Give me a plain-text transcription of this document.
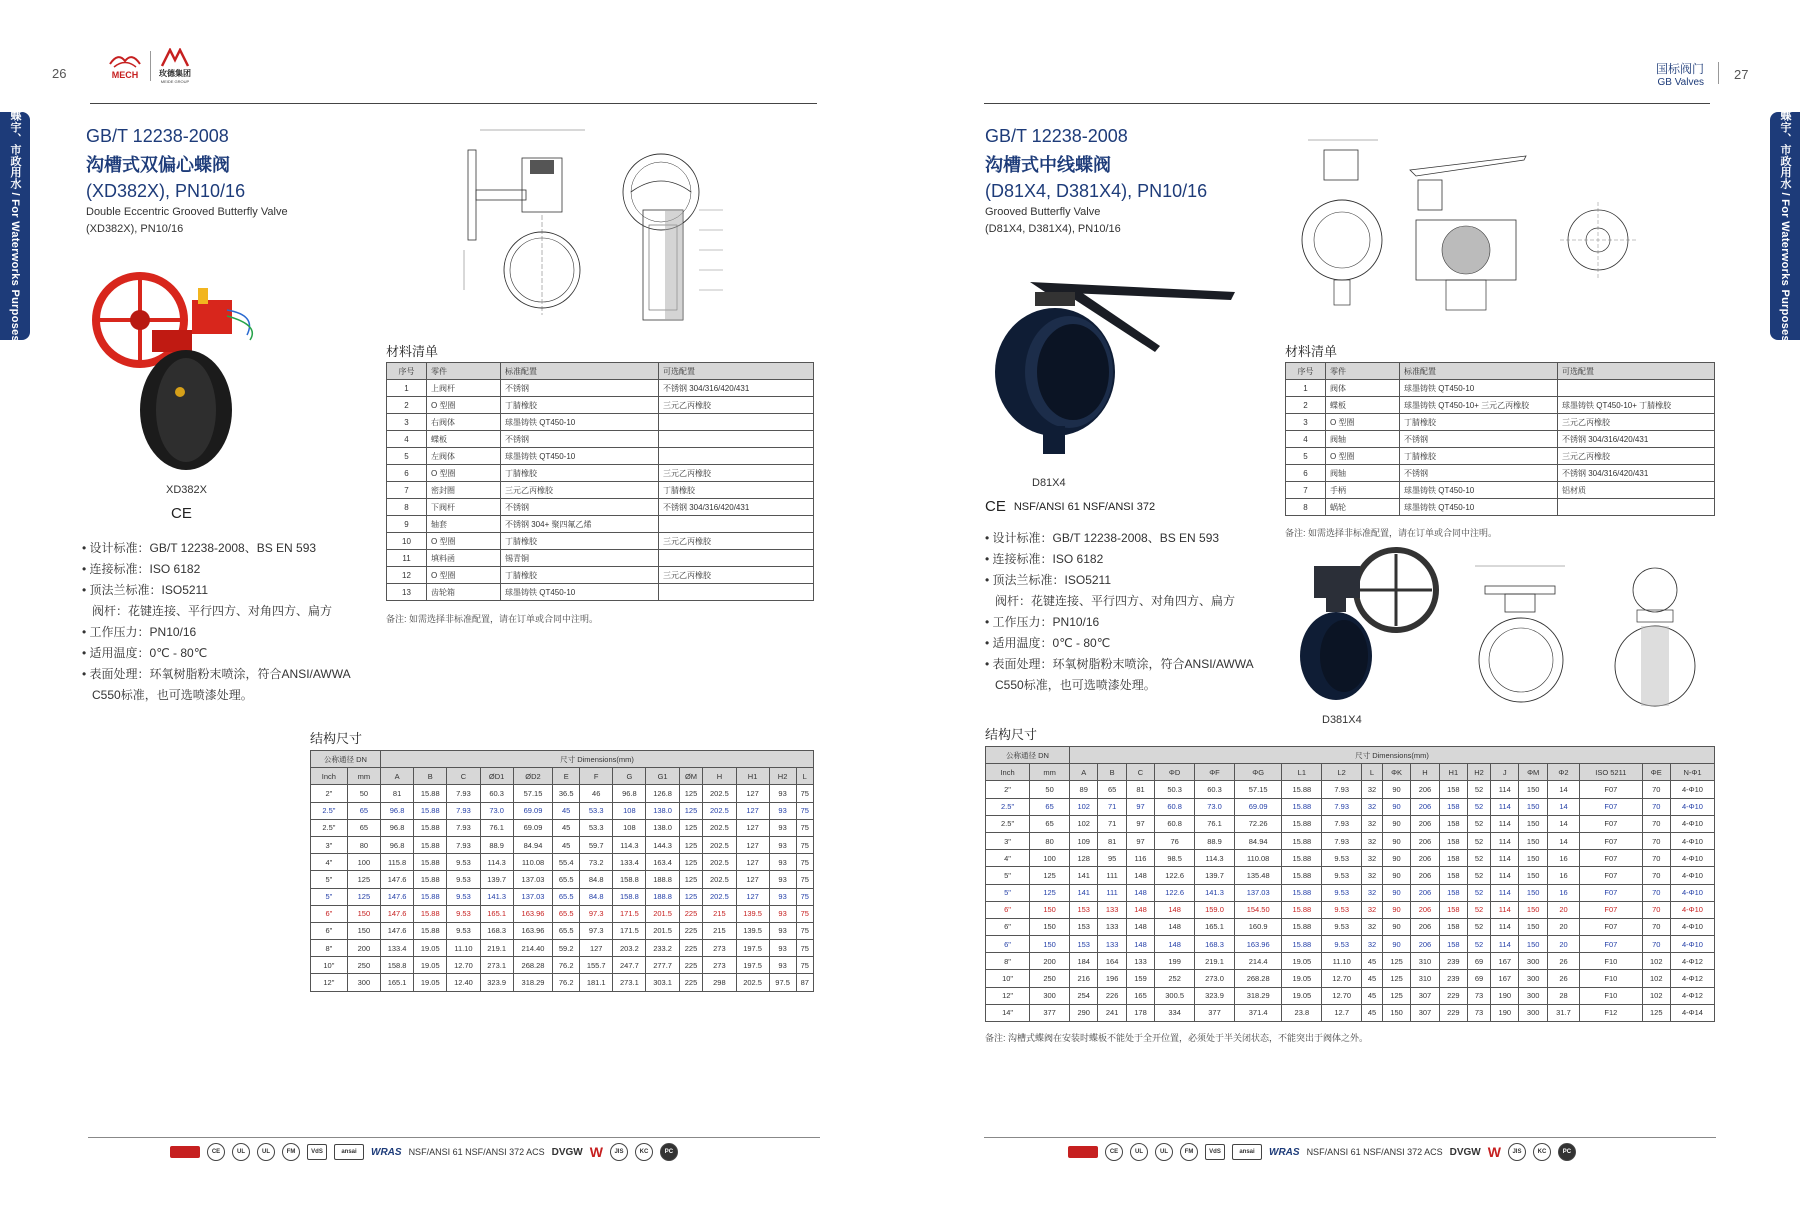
26	MECH	玫德集团
MEIDE GROUP
蝶宇、市政用水 / For Waterworks Purposes	GB/T 12238-2008
沟槽式双偏心蝶阀
(XD382X), PN10/16
Double Eccentric Grooved Butterfly Valve
(XD382X), PN10/16
XD382X
CE
• 设计标准：GB/T 12238-2008、BS EN 593
• 连接标准：ISO 6182
• 顶法兰标准：ISO5211
阀杆：花键连接、平行四方、对角四方、扁方
• 工作压力：PN10/16
• 适用温度：0℃ - 80℃
• 表面处理：环氧树脂粉末喷涂，符合ANSI/AWWA
C550标准，也可选喷漆处理。
材料清单
序号	零件	标准配置	可选配置
1	上阀杆	不锈钢	不锈钢 304/316/420/431
2	O 型圈	丁腈橡胶	三元乙丙橡胶
3	右阀体	球墨铸铁 QT450-10	
4	蝶板	不锈钢	
5	左阀体	球墨铸铁 QT450-10	
6	O 型圈	丁腈橡胶	三元乙丙橡胶
7	密封圈	三元乙丙橡胶	丁腈橡胶
8	下阀杆	不锈钢	不锈钢 304/316/420/431
9	轴套	不锈钢 304+ 聚四氟乙烯	
10	O 型圈	丁腈橡胶	三元乙丙橡胶
11	填料函	锡青铜	
12	O 型圈	丁腈橡胶	三元乙丙橡胶
13	齿轮箱	球墨铸铁 QT450-10	
备注: 如需选择非标准配置，请在订单或合同中注明。
结构尺寸
公称通径 DN		尺寸 Dimensions(mm)													
Inch	mm	A	B	C	ØD1	ØD2	E	F	G	G1	ØM	H	H1	H2	L
2"	50	81	15.88	7.93	60.3	57.15	36.5	46	96.8	126.8	125	202.5	127	93	75
2.5"	65	96.8	15.88	7.93	73.0	69.09	45	53.3	108	138.0	125	202.5	127	93	75
2.5"	65	96.8	15.88	7.93	76.1	69.09	45	53.3	108	138.0	125	202.5	127	93	75
3"	80	96.8	15.88	7.93	88.9	84.94	45	59.7	114.3	144.3	125	202.5	127	93	75
4"	100	115.8	15.88	9.53	114.3	110.08	55.4	73.2	133.4	163.4	125	202.5	127	93	75
5"	125	147.6	15.88	9.53	139.7	137.03	65.5	84.8	158.8	188.8	125	202.5	127	93	75
5"	125	147.6	15.88	9.53	141.3	137.03	65.5	84.8	158.8	188.8	125	202.5	127	93	75
6"	150	147.6	15.88	9.53	165.1	163.96	65.5	97.3	171.5	201.5	225	215	139.5	93	75
6"	150	147.6	15.88	9.53	168.3	163.96	65.5	97.3	171.5	201.5	225	215	139.5	93	75
8"	200	133.4	19.05	11.10	219.1	214.40	59.2	127	203.2	233.2	225	273	197.5	93	75
10"	250	158.8	19.05	12.70	273.1	268.28	76.2	155.7	247.7	277.7	225	273	197.5	93	75
12"	300	165.1	19.05	12.40	323.9	318.29	76.2	181.1	273.1	303.1	225	298	202.5	97.5	87
国标阀门
GB Valves
27
蝶宇、市政用水 / For Waterworks Purposes
GB/T 12238-2008
沟槽式中线蝶阀
(D81X4, D381X4), PN10/16
Grooved Butterfly Valve
(D81X4, D381X4), PN10/16
D81X4
CE NSF/ANSI 61 NSF/ANSI 372
• 设计标准：GB/T 12238-2008、BS EN 593
• 连接标准：ISO 6182
• 顶法兰标准：ISO5211
阀杆：花键连接、平行四方、对角四方、扁方
• 工作压力：PN10/16
• 适用温度：0℃ - 80℃
• 表面处理：环氧树脂粉末喷涂，符合ANSI/AWWA
C550标准，也可选喷漆处理。
材料清单
序号	零件	标准配置	可选配置
1	阀体	球墨铸铁 QT450-10	
2	蝶板	球墨铸铁 QT450-10+ 三元乙丙橡胶	球墨铸铁 QT450-10+ 丁腈橡胶
3	O 型圈	丁腈橡胶	三元乙丙橡胶
4	阀轴	不锈钢	不锈钢 304/316/420/431
5	O 型圈	丁腈橡胶	三元乙丙橡胶
6	阀轴	不锈钢	不锈钢 304/316/420/431
7	手柄	球墨铸铁 QT450-10	铝材质
8	蜗轮	球墨铸铁 QT450-10	
备注: 如需选择非标准配置，请在订单或合同中注明。
D381X4
结构尺寸
公称通径 DN		尺寸 Dimensions(mm)																		
Inch	mm	A	B	C	ΦD	ΦF	ΦG	L1	L2	L	ΦK	H	H1	H2	J	ΦM	Φ2	ISO 5211	ΦE	N-Φ1
2"	50	89	65	81	50.3	60.3	57.15	15.88	7.93	32	90	206	158	52	114	150	14	F07	70	4-Φ10
2.5"	65	102	71	97	60.8	73.0	69.09	15.88	7.93	32	90	206	158	52	114	150	14	F07	70	4-Φ10
2.5"	65	102	71	97	60.8	76.1	72.26	15.88	7.93	32	90	206	158	52	114	150	14	F07	70	4-Φ10
3"	80	109	81	97	76	88.9	84.94	15.88	7.93	32	90	206	158	52	114	150	14	F07	70	4-Φ10
4"	100	128	95	116	98.5	114.3	110.08	15.88	9.53	32	90	206	158	52	114	150	16	F07	70	4-Φ10
5"	125	141	111	148	122.6	139.7	135.48	15.88	9.53	32	90	206	158	52	114	150	16	F07	70	4-Φ10
5"	125	141	111	148	122.6	141.3	137.03	15.88	9.53	32	90	206	158	52	114	150	16	F07	70	4-Φ10
6"	150	153	133	148	148	159.0	154.50	15.88	9.53	32	90	206	158	52	114	150	20	F07	70	4-Φ10
6"	150	153	133	148	148	165.1	160.9	15.88	9.53	32	90	206	158	52	114	150	20	F07	70	4-Φ10
6"	150	153	133	148	148	168.3	163.96	15.88	9.53	32	90	206	158	52	114	150	20	F07	70	4-Φ10
8"	200	184	164	133	199	219.1	214.4	19.05	11.10	45	125	310	239	69	167	300	26	F10	102	4-Φ12
10"	250	216	196	159	252	273.0	268.28	19.05	12.70	45	125	310	239	69	167	300	26	F10	102	4-Φ12
12"	300	254	226	165	300.5	323.9	318.29	19.05	12.70	45	125	307	229	73	190	300	28	F10	102	4-Φ12
14"	377	290	241	178	334	377	371.4	23.8	12.7	45	150	307	229	73	190	300	31.7	F12	125	4-Φ14
备注: 沟槽式蝶阀在安装时蝶板不能处于全开位置，必须处于半关闭状态，不能突出于阀体之外。
CE	UL	UL	FM	VdS	ansai	WRAS NSF/ANSI 61 NSF/ANSI 372 ACS DVGW W	JIS	KC	PC	CE	UL	UL	FM	VdS	ansai	WRAS NSF/ANSI 61 NSF/ANSI 372 ACS DVGW W	JIS	KC	PC
